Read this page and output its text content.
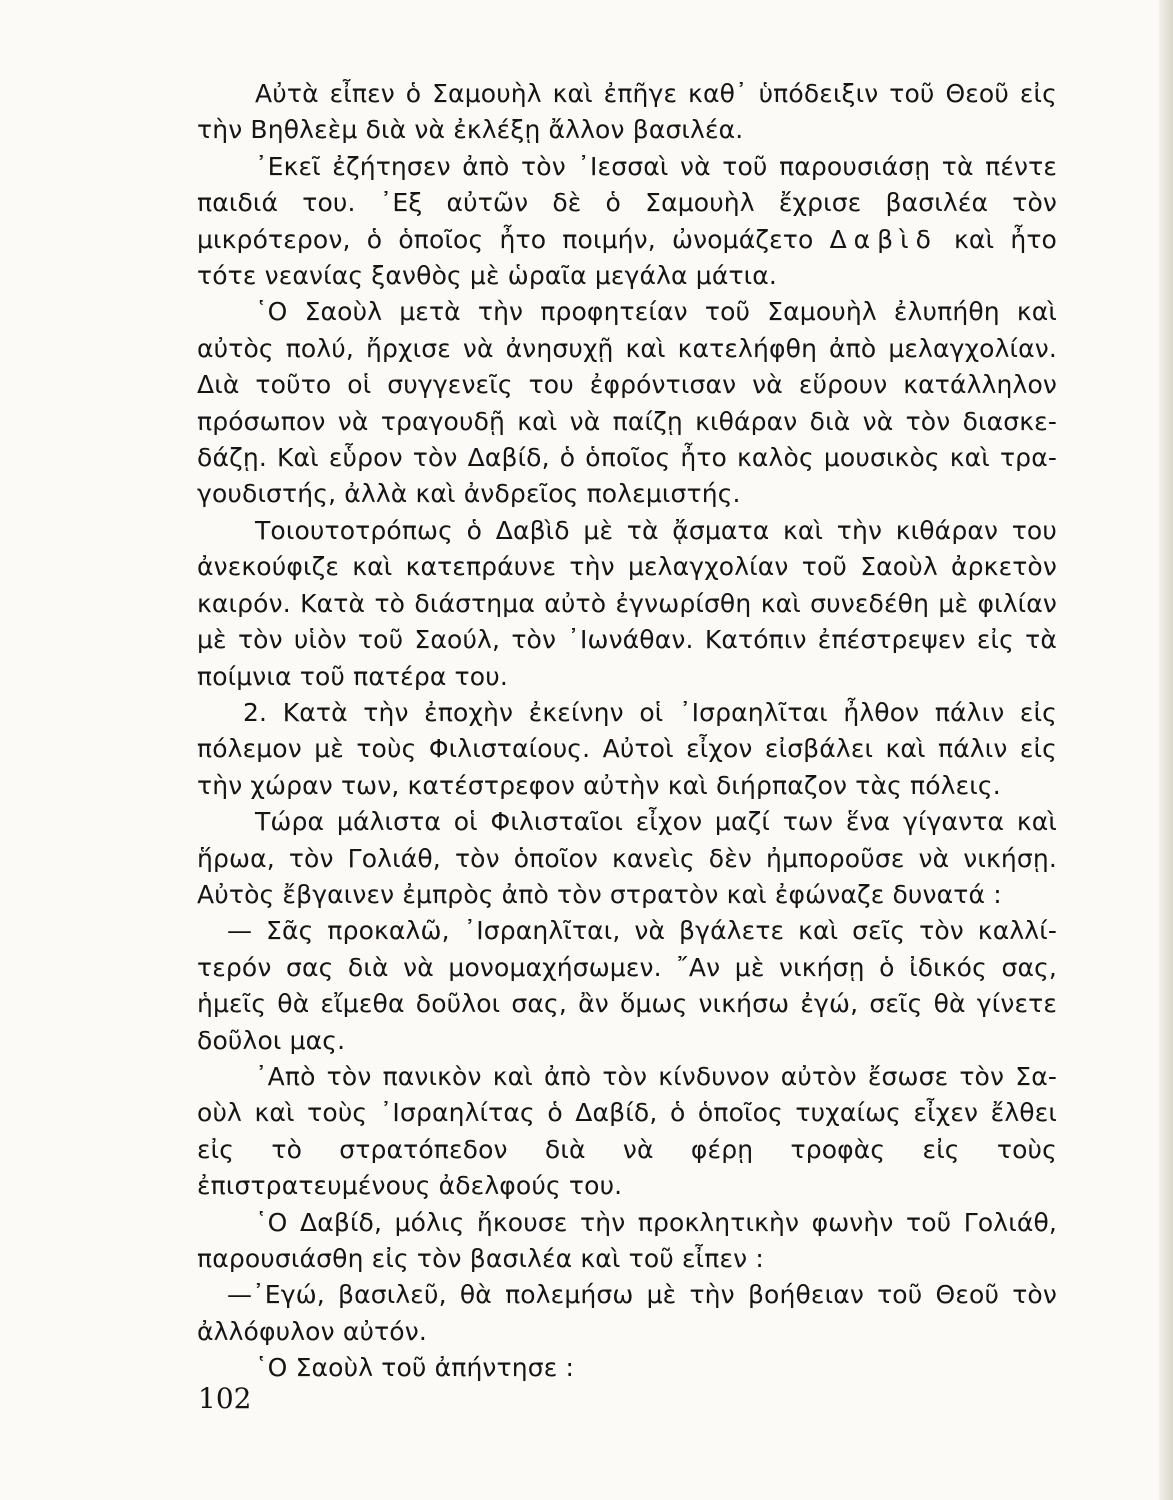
Αὐτὰ εἶπεν ὁ Σαμουὴλ καὶ ἐπῆγε καθ᾿ ὑπόδειξιν τοῦ Θεοῦ εἰς τὴν Βηθλεὲμ διὰ νὰ ἐκλέξῃ ἄλλον βασιλέα.

᾿Εκεῖ ἐζήτησεν ἀπὸ τὸν ᾿Ιεσσαὶ νὰ τοῦ παρουσιάσῃ τὰ πέντε παιδιά του. ᾿Εξ αὐτῶν δὲ ὁ Σαμουὴλ ἔχρισε βασιλέα τὸν μικρότερον, ὁ ὁποῖος ἦτο ποιμήν, ὠνομάζετο Δαβὶδ καὶ ἦτο τότε νεανίας ξανθὸς μὲ ὡραῖα μεγάλα μάτια.

῾Ο Σαοὺλ μετὰ τὴν προφητείαν τοῦ Σαμουὴλ ἐλυπήθη καὶ αὐτὸς πολύ, ἤρχισε νὰ ἀνησυχῇ καὶ κατελήφθη ἀπὸ μελαγχολίαν. Διὰ τοῦτο οἱ συγγενεῖς του ἐφρόντισαν νὰ εὕρουν κατάλληλον πρόσωπον νὰ τραγουδῇ καὶ νὰ παίζῃ κιθάραν διὰ νὰ τὸν διασκε-δάζῃ. Καὶ εὗρον τὸν Δαβίδ, ὁ ὁποῖος ἦτο καλὸς μουσικὸς καὶ τρα-γουδιστής, ἀλλὰ καὶ ἀνδρεῖος πολεμιστής.

Τοιουτοτρόπως ὁ Δαβὶδ μὲ τὰ ᾄσματα καὶ τὴν κιθάραν του ἀνεκούφιζε καὶ κατεπράυνε τὴν μελαγχολίαν τοῦ Σαοὺλ ἀρκετὸν καιρόν. Κατὰ τὸ διάστημα αὐτὸ ἐγνωρίσθη καὶ συνεδέθη μὲ φιλίαν μὲ τὸν υἱὸν τοῦ Σαούλ, τὸν ᾿Ιωνάθαν. Κατόπιν ἐπέστρεψεν εἰς τὰ ποίμνια τοῦ πατέρα του.

2. Κατὰ τὴν ἐποχὴν ἐκείνην οἱ ᾿Ισραηλῖται ἦλθον πάλιν εἰς πόλεμον μὲ τοὺς Φιλισταίους. Αὐτοὶ εἶχον εἰσβάλει καὶ πάλιν εἰς τὴν χώραν των, κατέστρεφον αὐτὴν καὶ διήρπαζον τὰς πόλεις.

Τώρα μάλιστα οἱ Φιλισταῖοι εἶχον μαζί των ἕνα γίγαντα καὶ ἥρωα, τὸν Γολιάθ, τὸν ὁποῖον κανεὶς δὲν ἠμποροῦσε νὰ νικήσῃ. Αὐτὸς ἔβγαινεν ἐμπρὸς ἀπὸ τὸν στρατὸν καὶ ἐφώναζε δυνατά :

— Σᾶς προκαλῶ, ᾿Ισραηλῖται, νὰ βγάλετε καὶ σεῖς τὸν καλλί-τερόν σας διὰ νὰ μονομαχήσωμεν. ῎Αν μὲ νικήσῃ ὁ ἰδικός σας, ἡμεῖς θὰ εἴμεθα δοῦλοι σας, ἂν ὅμως νικήσω ἐγώ, σεῖς θὰ γίνετε δοῦλοι μας.

᾿Απὸ τὸν πανικὸν καὶ ἀπὸ τὸν κίνδυνον αὐτὸν ἔσωσε τὸν Σα-οὺλ καὶ τοὺς ᾿Ισραηλίτας ὁ Δαβίδ, ὁ ὁποῖος τυχαίως εἶχεν ἔλθει εἰς τὸ στρατόπεδον διὰ νὰ φέρῃ τροφὰς εἰς τοὺς ἐπιστρατευμένους ἀδελφούς του.

῾Ο Δαβίδ, μόλις ἤκουσε τὴν προκλητικὴν φωνὴν τοῦ Γολιάθ, παρουσιάσθη εἰς τὸν βασιλέα καὶ τοῦ εἶπεν :

—᾿Εγώ, βασιλεῦ, θὰ πολεμήσω μὲ τὴν βοήθειαν τοῦ Θεοῦ τὸν ἀλλόφυλον αὐτόν.

῾Ο Σαοὺλ τοῦ ἀπήντησε :

102
